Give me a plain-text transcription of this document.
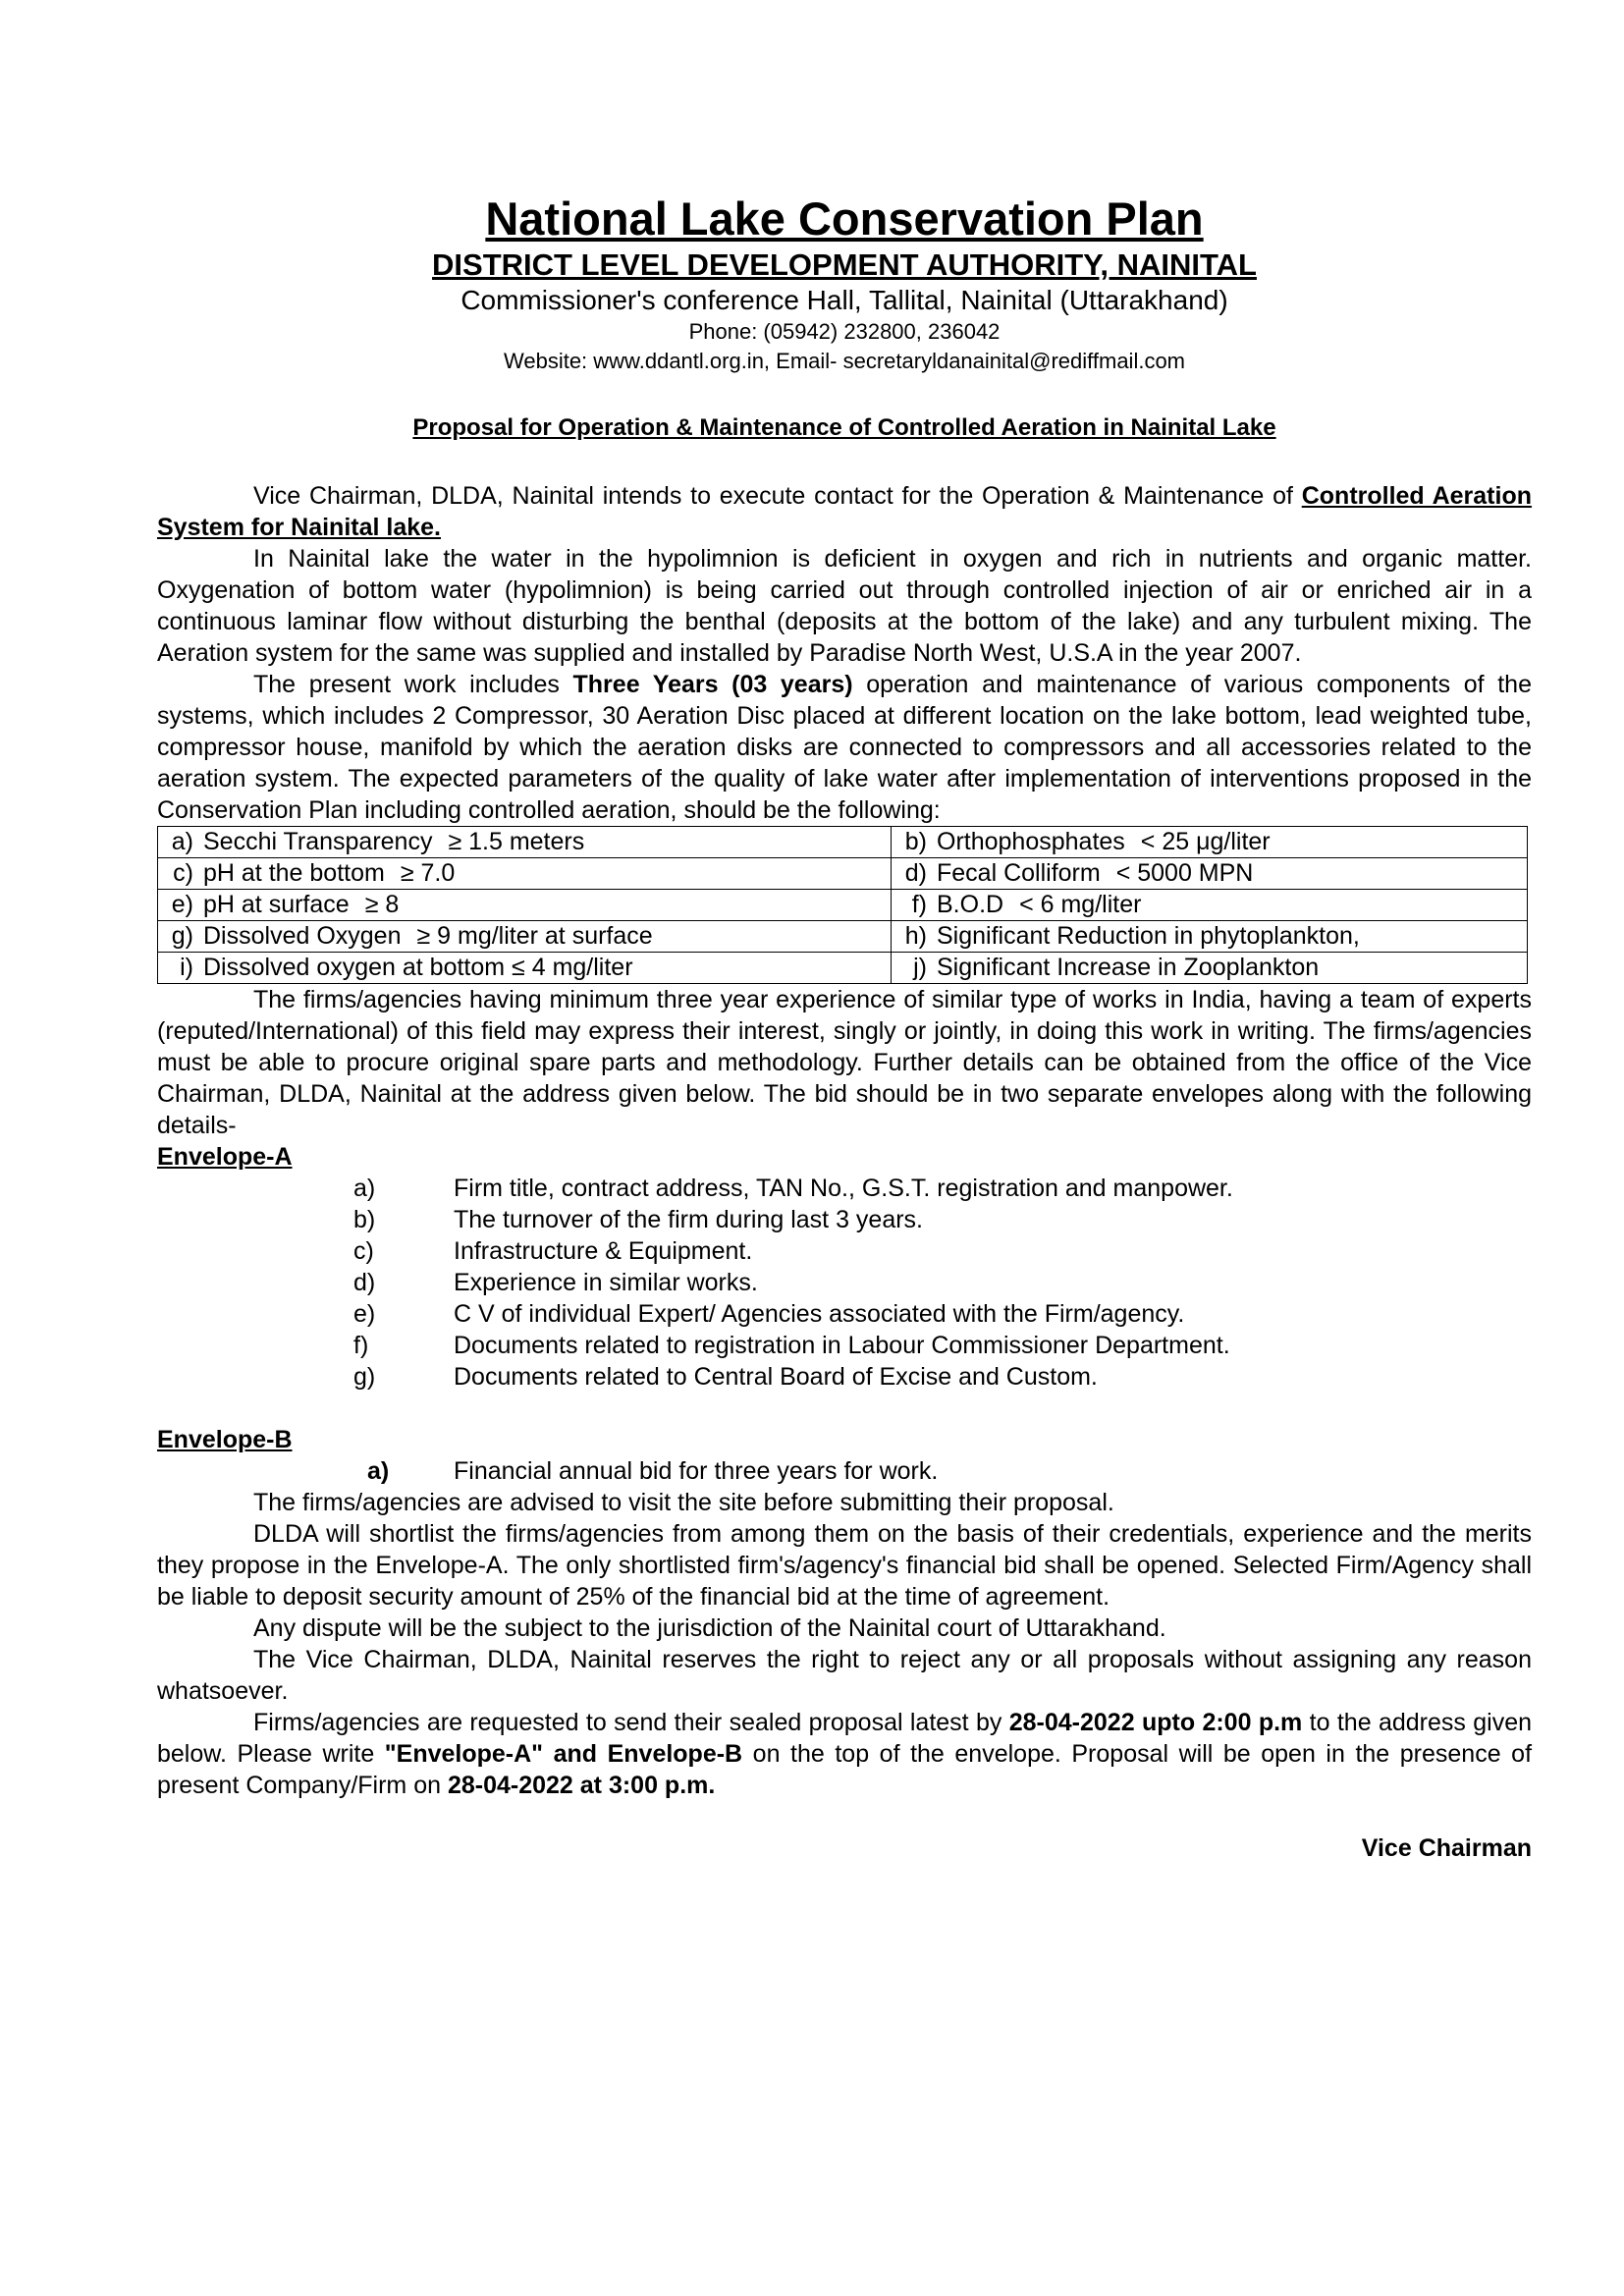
National Lake Conservation Plan
DISTRICT LEVEL DEVELOPMENT AUTHORITY, NAINITAL
Commissioner's conference Hall, Tallital, Nainital (Uttarakhand)
Phone: (05942) 232800, 236042
Website: www.ddantl.org.in, Email- secretaryldanainital@rediffmail.com
Proposal for Operation & Maintenance of Controlled Aeration in Nainital Lake

Vice Chairman, DLDA, Nainital intends to execute contact for the Operation & Maintenance of Controlled Aeration System for Nainital lake.

In Nainital lake the water in the hypolimnion is deficient in oxygen and rich in nutrients and organic matter. Oxygenation of bottom water (hypolimnion) is being carried out through controlled injection of air or enriched air in a continuous laminar flow without disturbing the benthal (deposits at the bottom of the lake) and any turbulent mixing. The Aeration system for the same was supplied and installed by Paradise North West, U.S.A in the year 2007.

The present work includes Three Years (03 years) operation and maintenance of various components of the systems, which includes 2 Compressor, 30 Aeration Disc placed at different location on the lake bottom, lead weighted tube, compressor house, manifold by which the aeration disks are connected to compressors and all accessories related to the aeration system. The expected parameters of the quality of lake water after implementation of interventions proposed in the Conservation Plan including controlled aeration, should be the following:

a) Secchi Transparency ≥ 1.5 meters	b) Orthophosphates < 25 μg/liter
c) pH at the bottom ≥ 7.0	d) Fecal Colliform < 5000 MPN
e) pH at surface ≥ 8	f) B.O.D < 6 mg/liter
g) Dissolved Oxygen ≥ 9 mg/liter at surface	h) Significant Reduction in phytoplankton,
i) Dissolved oxygen at bottom ≤ 4 mg/liter	j) Significant Increase in Zooplankton

The firms/agencies having minimum three year experience of similar type of works in India, having a team of experts (reputed/International) of this field may express their interest, singly or jointly, in doing this work in writing. The firms/agencies must be able to procure original spare parts and methodology. Further details can be obtained from the office of the Vice Chairman, DLDA, Nainital at the address given below. The bid should be in two separate envelopes along with the following details-

Envelope-A
a)	Firm title, contract address, TAN No., G.S.T. registration and manpower.
b)	The turnover of the firm during last 3 years.
c)	Infrastructure & Equipment.
d)	Experience in similar works.
e)	C V of individual Expert/ Agencies associated with the Firm/agency.
f)	Documents related to registration in Labour Commissioner Department.
g)	Documents related to Central Board of Excise and Custom.
Envelope-B
a)	Financial annual bid for three years for work.

The firms/agencies are advised to visit the site before submitting their proposal.

DLDA will shortlist the firms/agencies from among them on the basis of their credentials, experience and the merits they propose in the Envelope-A. The only shortlisted firm's/agency's financial bid shall be opened. Selected Firm/Agency shall be liable to deposit security amount of 25% of the financial bid at the time of agreement.

Any dispute will be the subject to the jurisdiction of the Nainital court of Uttarakhand.

The Vice Chairman, DLDA, Nainital reserves the right to reject any or all proposals without assigning any reason whatsoever.

Firms/agencies are requested to send their sealed proposal latest by 28-04-2022 upto 2:00 p.m to the address given below. Please write "Envelope-A" and Envelope-B on the top of the envelope. Proposal will be open in the presence of present Company/Firm on 28-04-2022 at 3:00 p.m.

Vice Chairman
